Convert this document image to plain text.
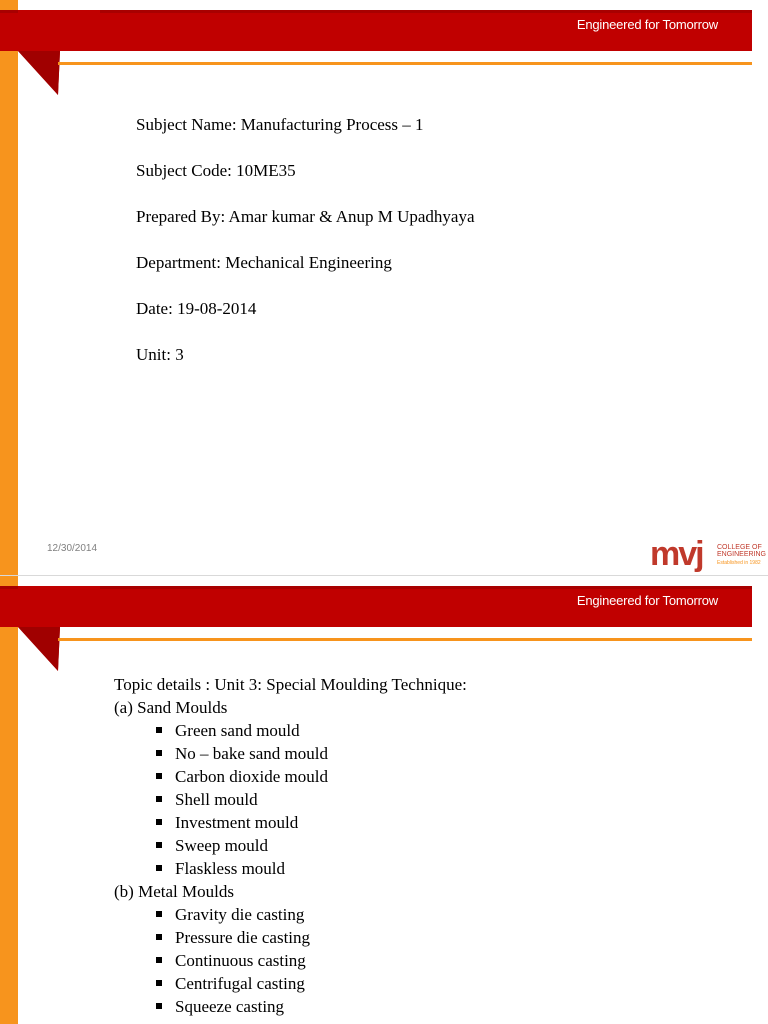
Engineered for Tomorrow
Subject Name: Manufacturing Process – 1
Subject Code: 10ME35
Prepared By: Amar kumar & Anup M Upadhyaya
Department: Mechanical Engineering
Date: 19-08-2014
Unit: 3
12/30/2014	mvj COLLEGE OF
ENGINEERING
Established in 1982
Engineered for Tomorrow
Topic details : Unit 3: Special Moulding Technique:
(a) Sand Moulds
Green sand mould
No – bake sand mould
Carbon dioxide mould
Shell mould
Investment mould
Sweep mould
Flaskless mould
(b) Metal Moulds
Gravity die casting
Pressure die casting
Continuous casting
Centrifugal casting
Squeeze casting
